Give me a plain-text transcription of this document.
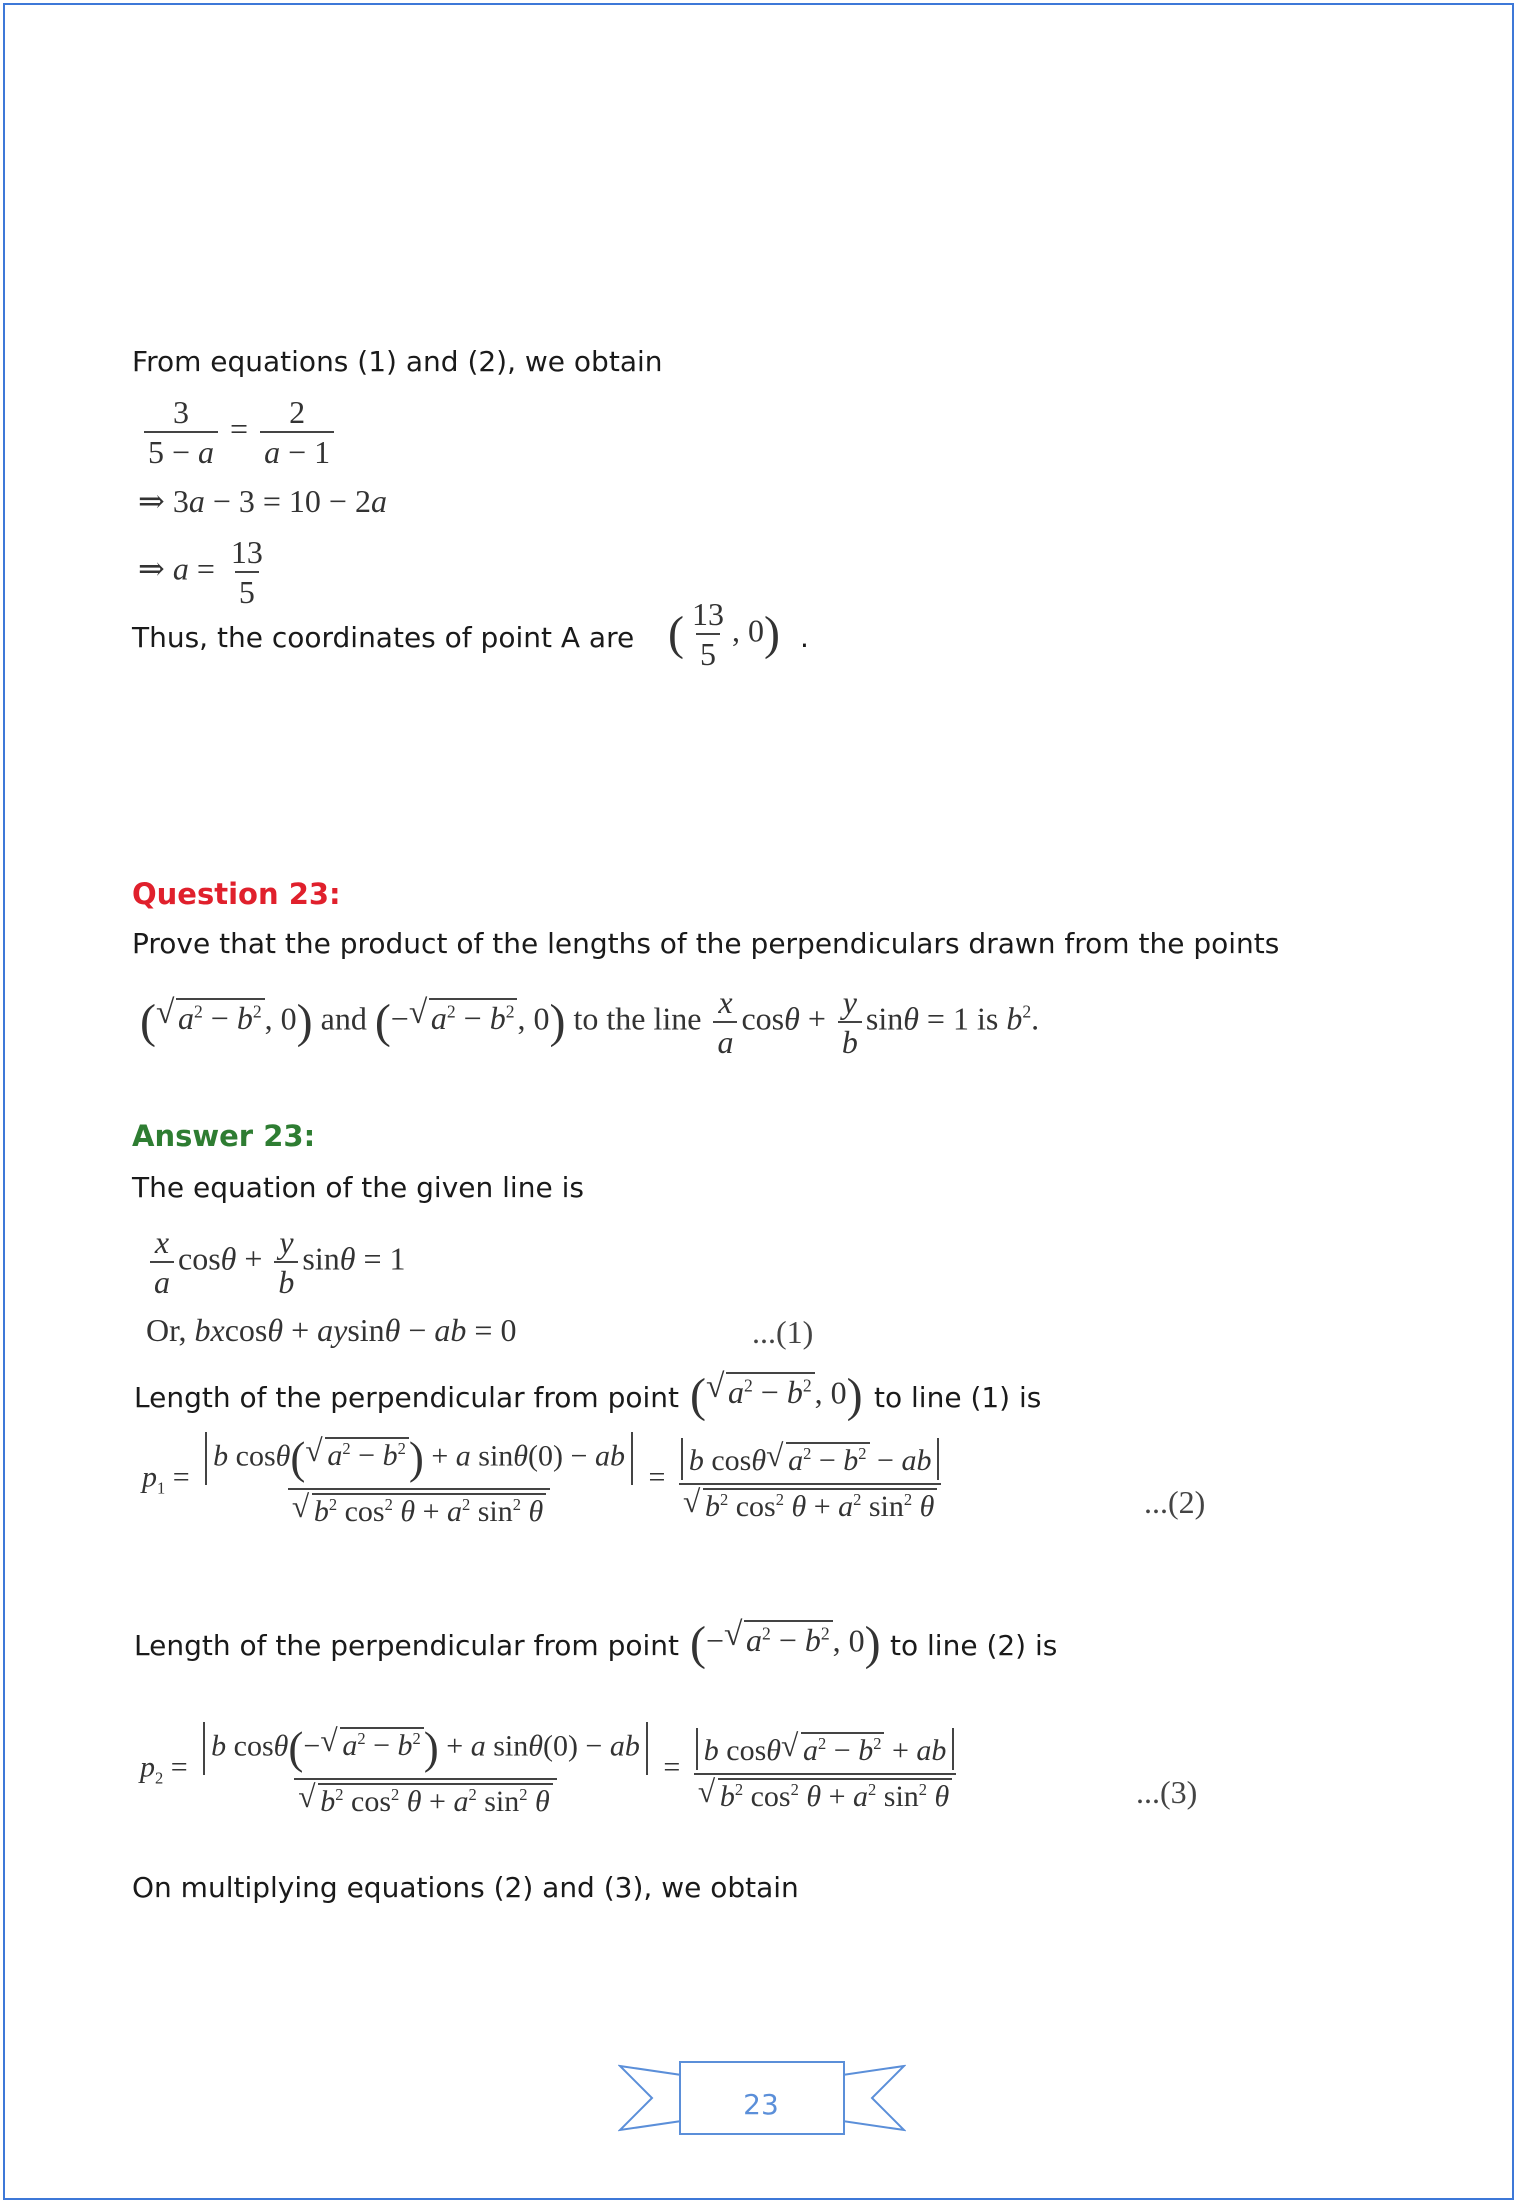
From equations (1) and (2), we obtain
$\frac{3}{5 - a} = \frac{2}{a - 1}$
⇒ 3a − 3 = 10 − 2a
⇒ $a = \frac{13}{5}$
Thus, the coordinates of point A are ( $\frac{13}{5}$ , 0) .
Question 23:
Prove that the product of the lengths of the perpendiculars drawn from the points
( √ $a^2 - b^2$, 0) and (− √ $a^2 - b^2$, 0) to the line $\frac{x}{a}$ $\cos\theta + \frac{y}{b}$ sinθ = 1 is $b^2$.
Answer 23:
The equation of the given line is
$\frac{x}{a}$ $\cos\theta + \frac{y}{b}$ sinθ = 1
Or, bxcosθ + aysinθ − ab = 0	...(1)
Length of the perpendicular from point ( √ $a^2 - b^2$, 0) to line (1) is
$p_1 = b$ cosθ( √ $a^2 - b^2) + a$ sinθ(0) − ab
√ $b^2$ $\cos^2 \theta + a^2$ $\sin^2 \theta = b$ cosθ √ $a^2 - b^2$ − ab
√ $b^2$ $\cos^2 \theta + a^2$ $\sin^2 \theta$	...(2)
Length of the perpendicular from point (− √ $a^2 - b^2$, 0) to line (2) is
$p_2 = b$ cosθ(− √ $a^2 - b^2) + a$ sinθ(0) − ab
√ $b^2$ $\cos^2 \theta + a^2$ $\sin^2 \theta = b$ cosθ √ $a^2 - b^2$ + ab
√ $b^2$ $\cos^2 \theta + a^2$ $\sin^2 \theta$	...(3)
On multiplying equations (2) and (3), we obtain
23
